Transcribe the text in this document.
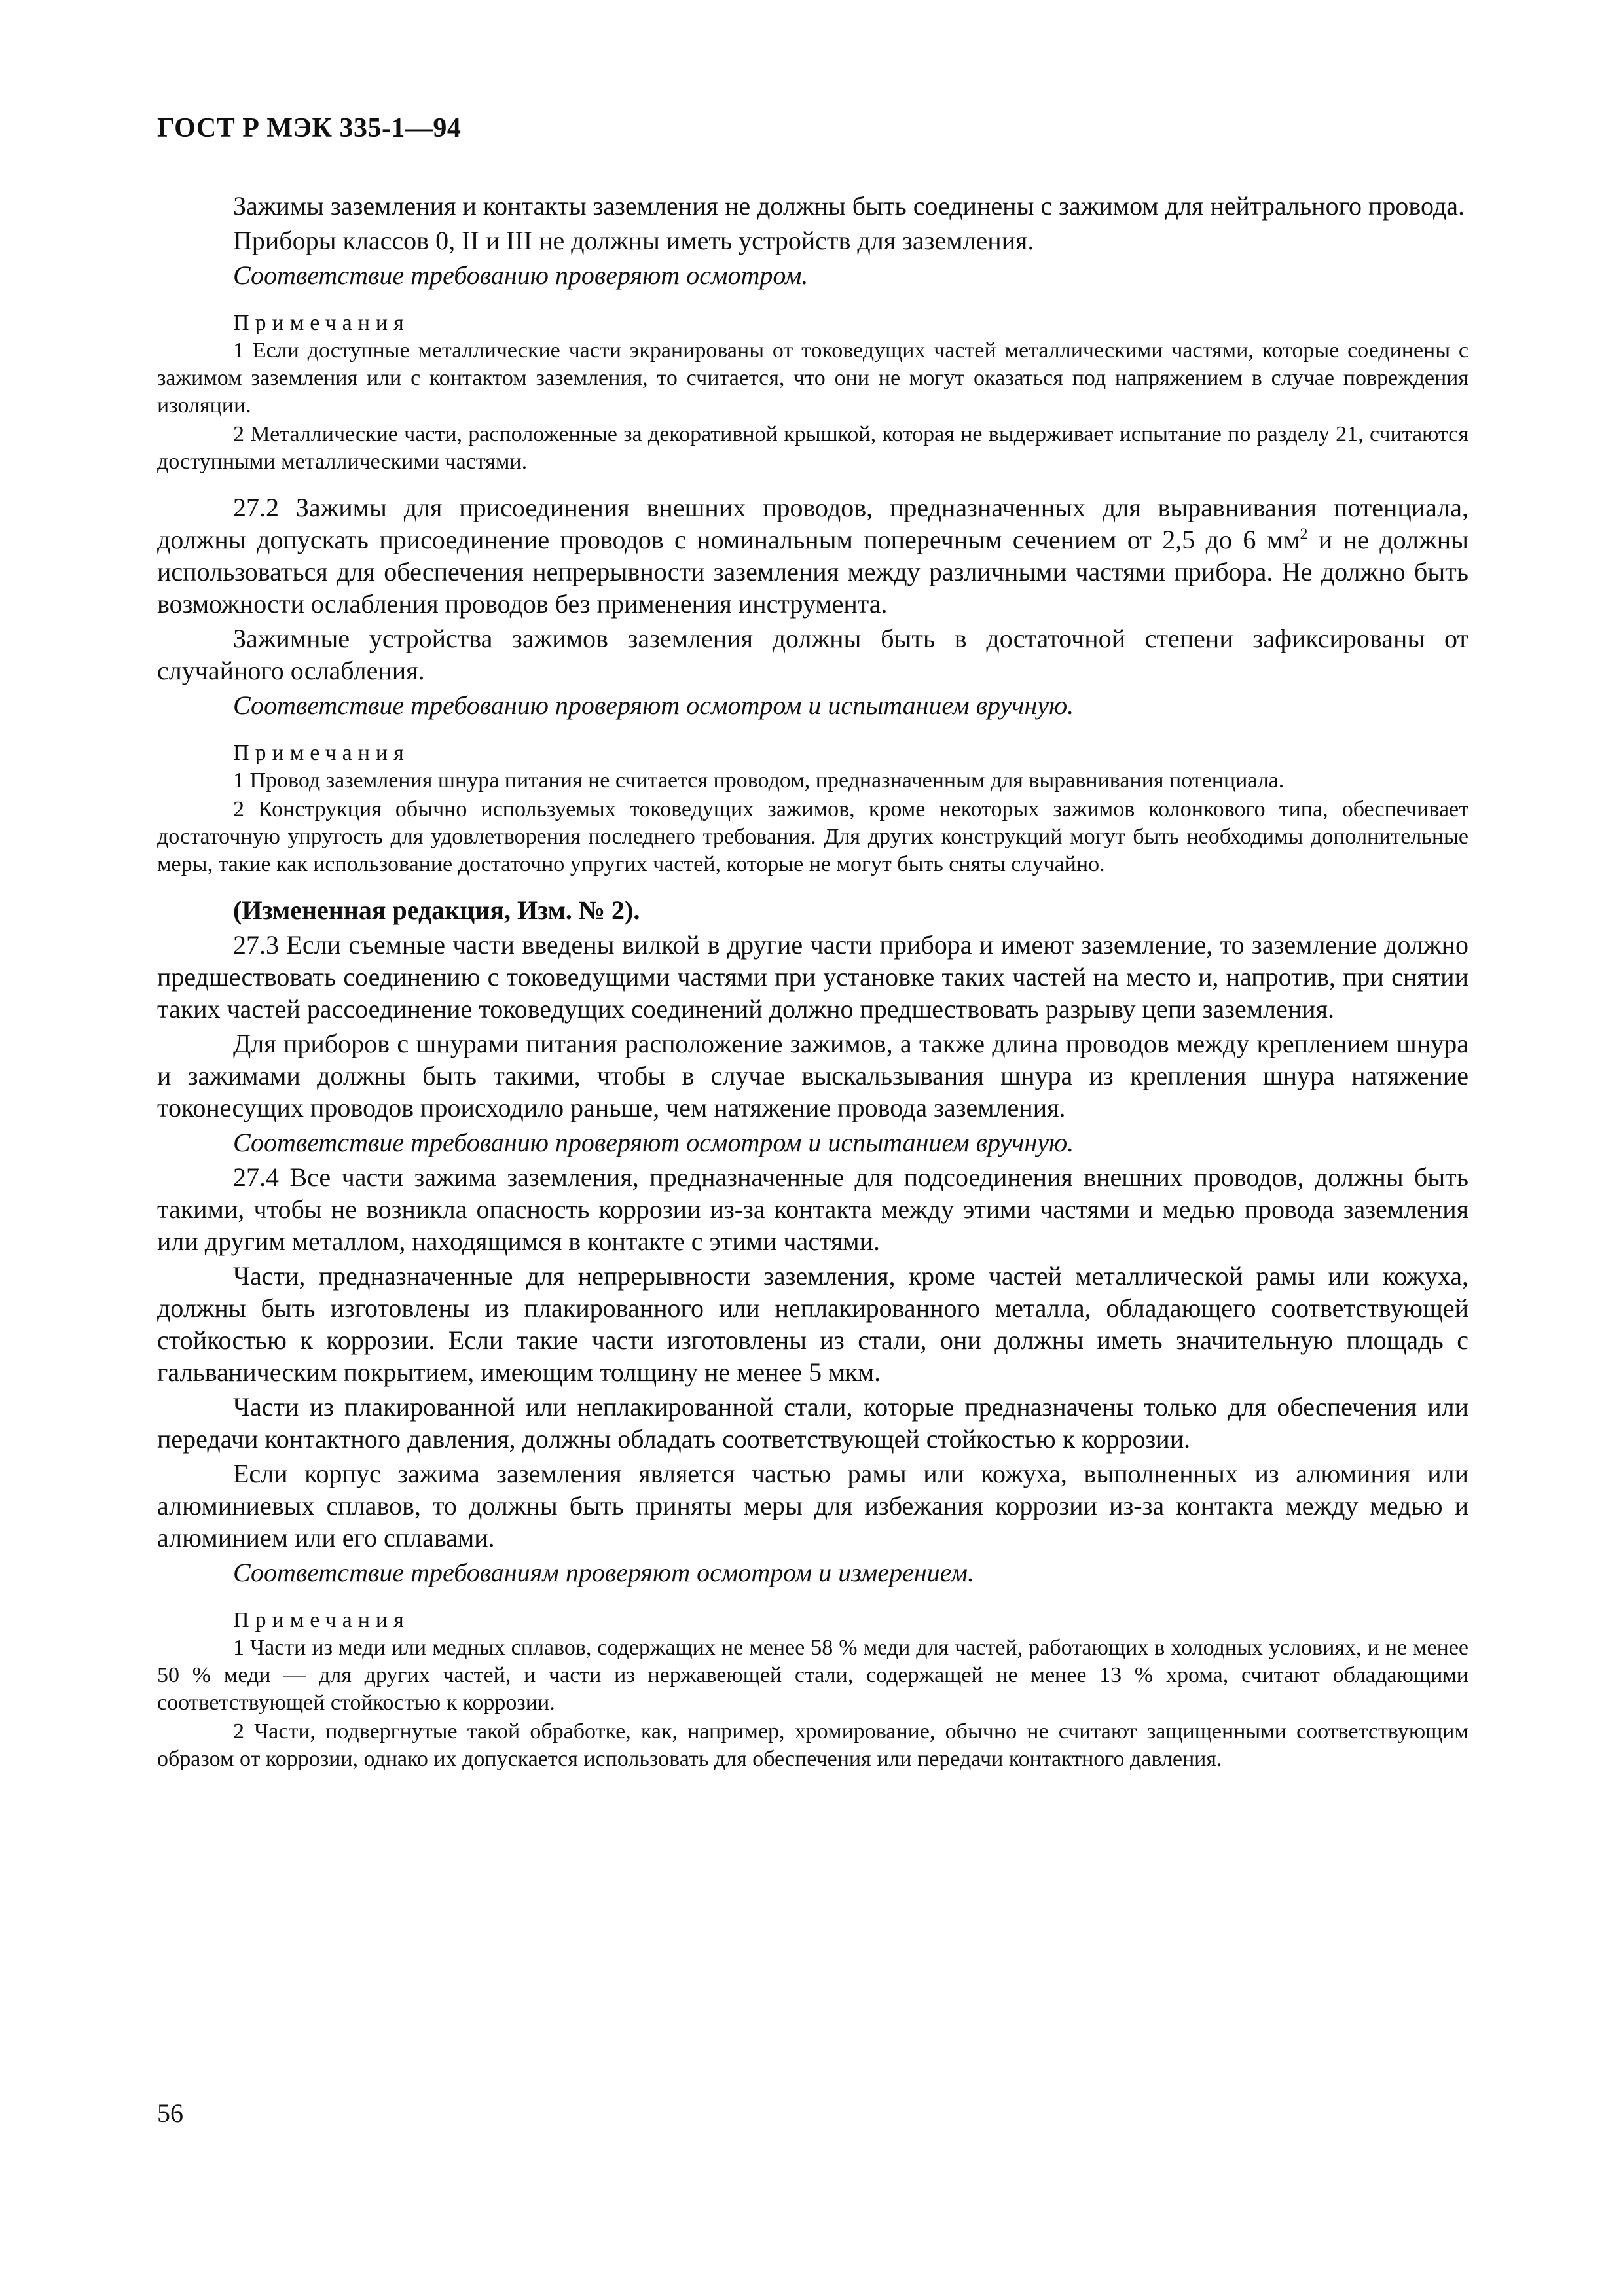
ГОСТ Р МЭК 335-1—94

Зажимы заземления и контакты заземления не должны быть соединены с зажимом для нейтрального провода.

Приборы классов 0, II и III не должны иметь устройств для заземления.

Соответствие требованию проверяют осмотром.

Примечания

1 Если доступные металлические части экранированы от токоведущих частей металлическими частями, которые соединены с зажимом заземления или с контактом заземления, то считается, что они не могут оказаться под напряжением в случае повреждения изоляции.

2 Металлические части, расположенные за декоративной крышкой, которая не выдерживает испытание по разделу 21, считаются доступными металлическими частями.

27.2 Зажимы для присоединения внешних проводов, предназначенных для выравнивания потенциала, должны допускать присоединение проводов с номинальным поперечным сечением от 2,5 до 6 $мм^2$ и не должны использоваться для обеспечения непрерывности заземления между различными частями прибора. Не должно быть возможности ослабления проводов без применения инструмента.

Зажимные устройства зажимов заземления должны быть в достаточной степени зафиксированы от случайного ослабления.

Соответствие требованию проверяют осмотром и испытанием вручную.

Примечания

1 Провод заземления шнура питания не считается проводом, предназначенным для выравнивания потенциала.

2 Конструкция обычно используемых токоведущих зажимов, кроме некоторых зажимов колонкового типа, обеспечивает достаточную упругость для удовлетворения последнего требования. Для других конструкций могут быть необходимы дополнительные меры, такие как использование достаточно упругих частей, которые не могут быть сняты случайно.

(Измененная редакция, Изм. № 2).

27.3 Если съемные части введены вилкой в другие части прибора и имеют заземление, то заземление должно предшествовать соединению с токоведущими частями при установке таких частей на место и, напротив, при снятии таких частей рассоединение токоведущих соединений должно предшествовать разрыву цепи заземления.

Для приборов с шнурами питания расположение зажимов, а также длина проводов между креплением шнура и зажимами должны быть такими, чтобы в случае выскальзывания шнура из крепления шнура натяжение токонесущих проводов происходило раньше, чем натяжение провода заземления.

Соответствие требованию проверяют осмотром и испытанием вручную.

27.4 Все части зажима заземления, предназначенные для подсоединения внешних проводов, должны быть такими, чтобы не возникла опасность коррозии из-за контакта между этими частями и медью провода заземления или другим металлом, находящимся в контакте с этими частями.

Части, предназначенные для непрерывности заземления, кроме частей металлической рамы или кожуха, должны быть изготовлены из плакированного или неплакированного металла, обладающего соответствующей стойкостью к коррозии. Если такие части изготовлены из стали, они должны иметь значительную площадь с гальваническим покрытием, имеющим толщину не менее 5 мкм.

Части из плакированной или неплакированной стали, которые предназначены только для обеспечения или передачи контактного давления, должны обладать соответствующей стойкостью к коррозии.

Если корпус зажима заземления является частью рамы или кожуха, выполненных из алюминия или алюминиевых сплавов, то должны быть приняты меры для избежания коррозии из-за контакта между медью и алюминием или его сплавами.

Соответствие требованиям проверяют осмотром и измерением.

Примечания

1 Части из меди или медных сплавов, содержащих не менее 58 % меди для частей, работающих в холодных условиях, и не менее 50 % меди — для других частей, и части из нержавеющей стали, содержащей не менее 13 % хрома, считают обладающими соответствующей стойкостью к коррозии.

2 Части, подвергнутые такой обработке, как, например, хромирование, обычно не считают защищенными соответствующим образом от коррозии, однако их допускается использовать для обеспечения или передачи контактного давления.

56
